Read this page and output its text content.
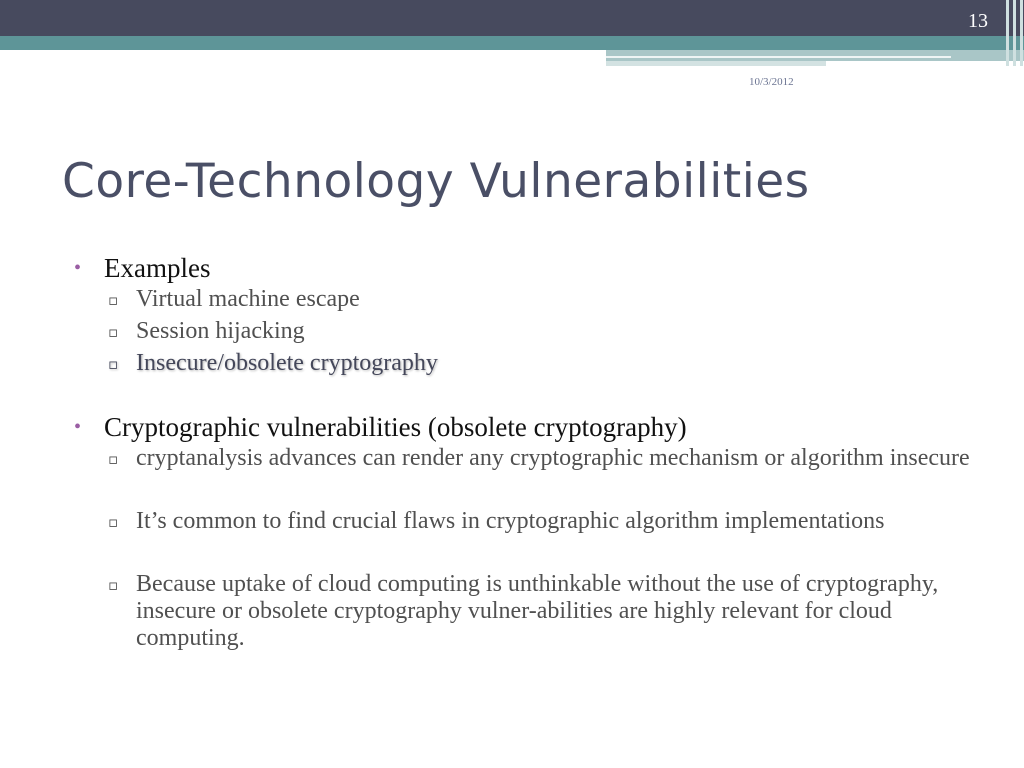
13
10/3/2012
Core-Technology Vulnerabilities
• Examples
▫ Virtual machine escape
▫ Session hijacking
▫ Insecure/obsolete cryptography
• Cryptographic vulnerabilities (obsolete cryptography)
▫ cryptanalysis advances can render any cryptographic mechanism or algorithm insecure
▫ It’s common to find crucial flaws in cryptographic algorithm implementations
▫ Because uptake of cloud computing is unthinkable without the use of cryptography, insecure or obsolete cryptography vulner-abilities are highly relevant for cloud computing.
